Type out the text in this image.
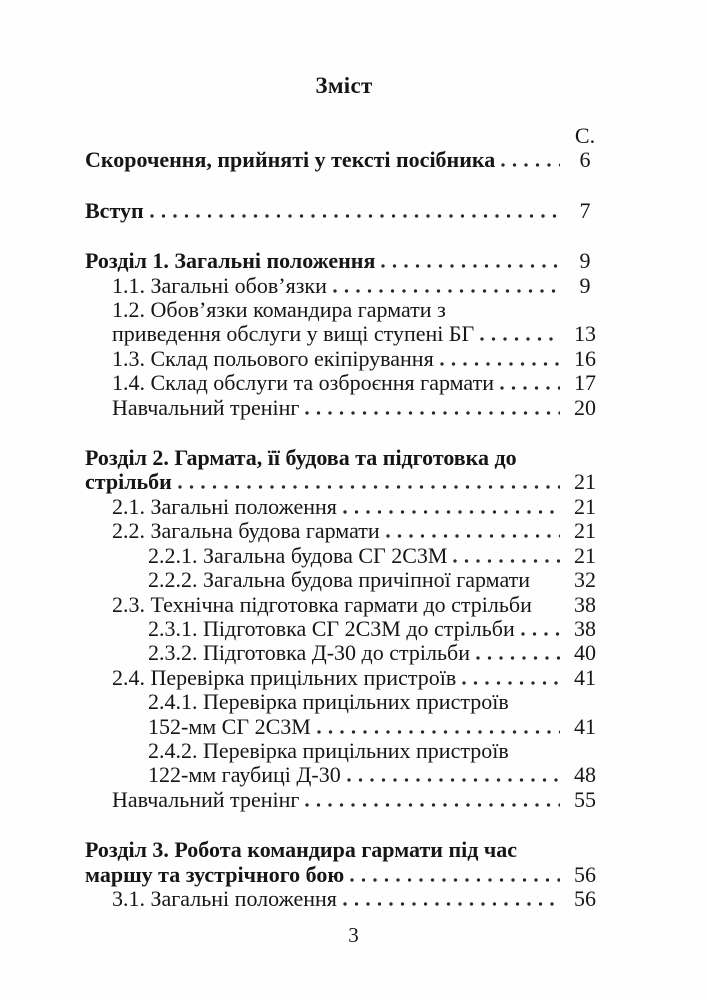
Зміст
С.
Скорочення, прийняті у тексті посібника	6
Вступ	7
Розділ 1. Загальні положення	9
1.1. Загальні обов’язки	9
1.2. Обов’язки командира гармати з
приведення обслуги у вищі ступені БГ	13
1.3. Склад польового екіпірування	16
1.4. Склад обслуги та озброєння гармати	17
Навчальний тренінг	20
Розділ 2. Гармата, її будова та підготовка до
стрільби	21
2.1. Загальні положення	21
2.2. Загальна будова гармати	21
2.2.1. Загальна будова СГ 2С3М	21
2.2.2. Загальна будова причіпної гармати	32
2.3. Технічна підготовка гармати до стрільби	38
2.3.1. Підготовка СГ 2С3М до стрільби	38
2.3.2. Підготовка Д-30 до стрільби	40
2.4. Перевірка прицільних пристроїв	41
2.4.1. Перевірка прицільних пристроїв
152-мм СГ 2С3М	41
2.4.2. Перевірка прицільних пристроїв
122-мм гаубиці Д-30	48
Навчальний тренінг	55
Розділ 3. Робота командира гармати під час
маршу та зустрічного бою	56
3.1. Загальні положення	56
3
